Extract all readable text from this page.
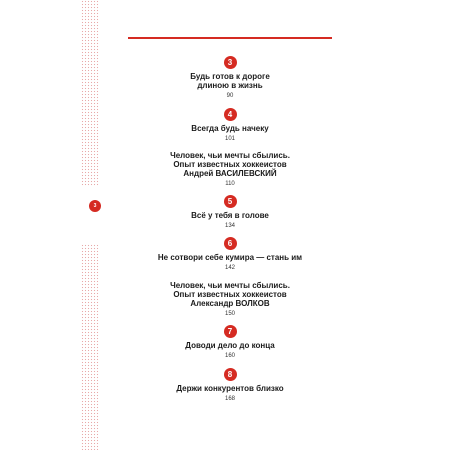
3
3

Будь готов к дороге
длиною в жизнь

90
4

Всегда будь начеку

101

Человек, чьи мечты сбылись.
Опыт известных хоккеистов
Андрей ВАСИЛЕВСКИЙ

110
5

Всё у тебя в голове

134
6

Не сотвори себе кумира — стань им

142

Человек, чьи мечты сбылись.
Опыт известных хоккеистов
Александр ВОЛКОВ

150
7

Доводи дело до конца

160
8

Держи конкурентов близко

168
